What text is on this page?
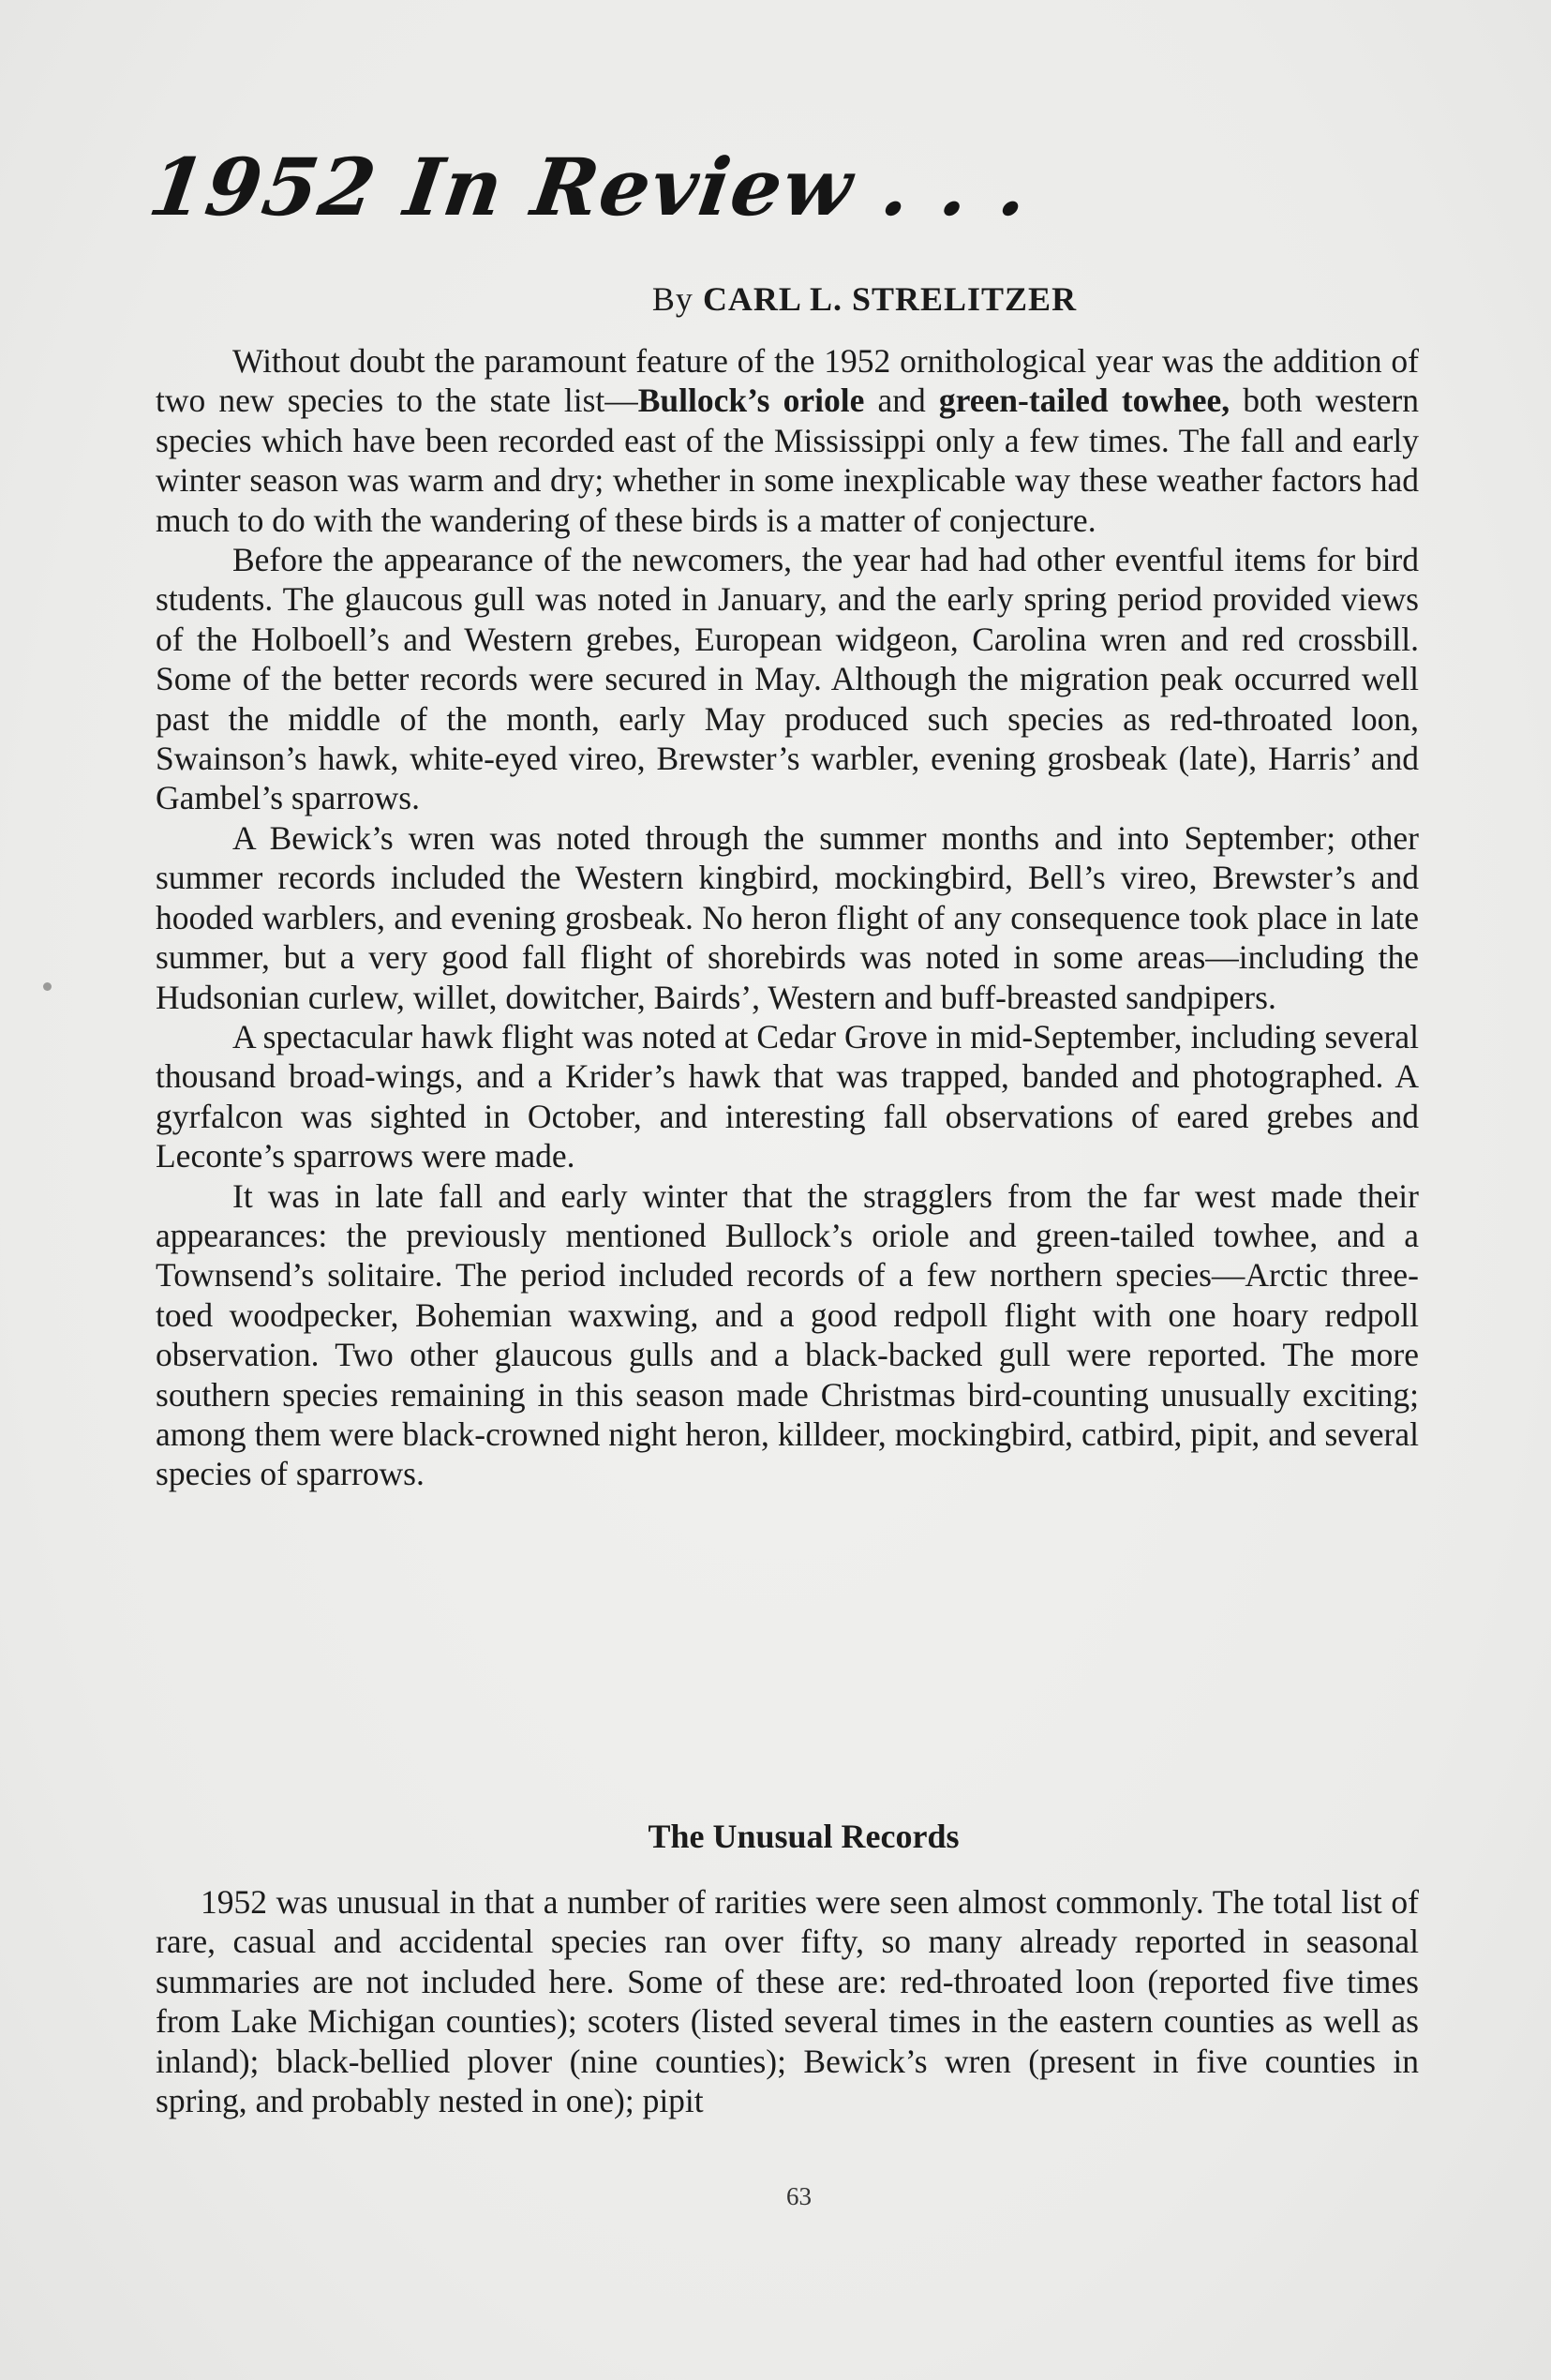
1952 In Review . . .
By CARL L. STRELITZER

Without doubt the paramount feature of the 1952 ornithological year was the addition of two new species to the state list—Bullock’s oriole and green-tailed towhee, both western species which have been recorded east of the Mississippi only a few times. The fall and early winter season was warm and dry; whether in some inexplicable way these weather factors had much to do with the wandering of these birds is a matter of conjecture.

Before the appearance of the newcomers, the year had had other eventful items for bird students. The glaucous gull was noted in January, and the early spring period provided views of the Holboell’s and Western grebes, European widgeon, Carolina wren and red crossbill. Some of the better records were secured in May. Although the migration peak occurred well past the middle of the month, early May produced such species as red-throated loon, Swainson’s hawk, white-eyed vireo, Brewster’s warbler, evening grosbeak (late), Harris’ and Gambel’s sparrows.

A Bewick’s wren was noted through the summer months and into September; other summer records included the Western kingbird, mockingbird, Bell’s vireo, Brewster’s and hooded warblers, and evening grosbeak. No heron flight of any consequence took place in late summer, but a very good fall flight of shorebirds was noted in some areas—including the Hudsonian curlew, willet, dowitcher, Bairds’, Western and buff-breasted sandpipers.

A spectacular hawk flight was noted at Cedar Grove in mid-September, including several thousand broad-wings, and a Krider’s hawk that was trapped, banded and photographed. A gyrfalcon was sighted in October, and interesting fall observations of eared grebes and Leconte’s sparrows were made.

It was in late fall and early winter that the stragglers from the far west made their appearances: the previously mentioned Bullock’s oriole and green-tailed towhee, and a Townsend’s solitaire. The period included records of a few northern species—Arctic three-toed woodpecker, Bohemian waxwing, and a good redpoll flight with one hoary redpoll observation. Two other glaucous gulls and a black-backed gull were reported. The more southern species remaining in this season made Christmas bird-counting unusually exciting; among them were black-crowned night heron, killdeer, mockingbird, catbird, pipit, and several species of sparrows.

The Unusual Records

1952 was unusual in that a number of rarities were seen almost commonly. The total list of rare, casual and accidental species ran over fifty, so many already reported in seasonal summaries are not included here. Some of these are: red-throated loon (reported five times from Lake Michigan counties); scoters (listed several times in the eastern counties as well as inland); black-bellied plover (nine counties); Bewick’s wren (present in five counties in spring, and probably nested in one); pipit

63
